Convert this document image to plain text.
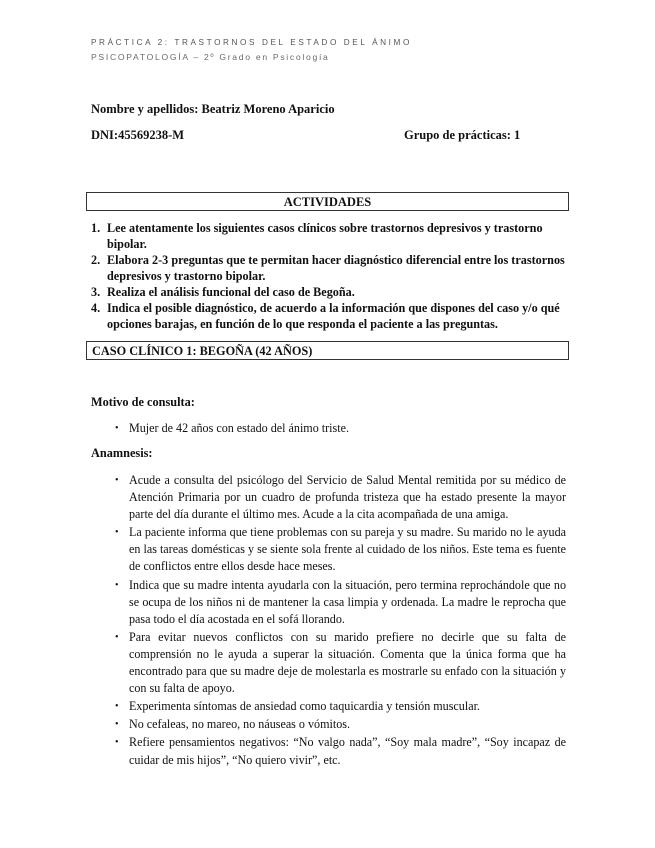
PRÁCTICA 2: TRASTORNOS DEL ESTADO DEL ÁNIMO
PSICOPATOLOGÍA – 2º Grado en Psicología
Nombre y apellidos: Beatriz Moreno Aparicio
DNI:45569238-M	Grupo de prácticas: 1
ACTIVIDADES
1. Lee atentamente los siguientes casos clínicos sobre trastornos depresivos y trastorno bipolar.
2. Elabora 2-3 preguntas que te permitan hacer diagnóstico diferencial entre los trastornos depresivos y trastorno bipolar.
3. Realiza el análisis funcional del caso de Begoña.
4. Indica el posible diagnóstico, de acuerdo a la información que dispones del caso y/o qué opciones barajas, en función de lo que responda el paciente a las preguntas.
CASO CLÍNICO 1: BEGOÑA (42 AÑOS)
Motivo de consulta:
• Mujer de 42 años con estado del ánimo triste.
Anamnesis:
• Acude a consulta del psicólogo del Servicio de Salud Mental remitida por su médico de Atención Primaria por un cuadro de profunda tristeza que ha estado presente la mayor parte del día durante el último mes. Acude a la cita acompañada de una amiga.
• La paciente informa que tiene problemas con su pareja y su madre. Su marido no le ayuda en las tareas domésticas y se siente sola frente al cuidado de los niños. Este tema es fuente de conflictos entre ellos desde hace meses.
• Indica que su madre intenta ayudarla con la situación, pero termina reprochándole que no se ocupa de los niños ni de mantener la casa limpia y ordenada. La madre le reprocha que pasa todo el día acostada en el sofá llorando.
• Para evitar nuevos conflictos con su marido prefiere no decirle que su falta de comprensión no le ayuda a superar la situación. Comenta que la única forma que ha encontrado para que su madre deje de molestarla es mostrarle su enfado con la situación y con su falta de apoyo.
• Experimenta síntomas de ansiedad como taquicardia y tensión muscular.
• No cefaleas, no mareo, no náuseas o vómitos.
• Refiere pensamientos negativos: “No valgo nada”, “Soy mala madre”, “Soy incapaz de cuidar de mis hijos”, “No quiero vivir”, etc.
